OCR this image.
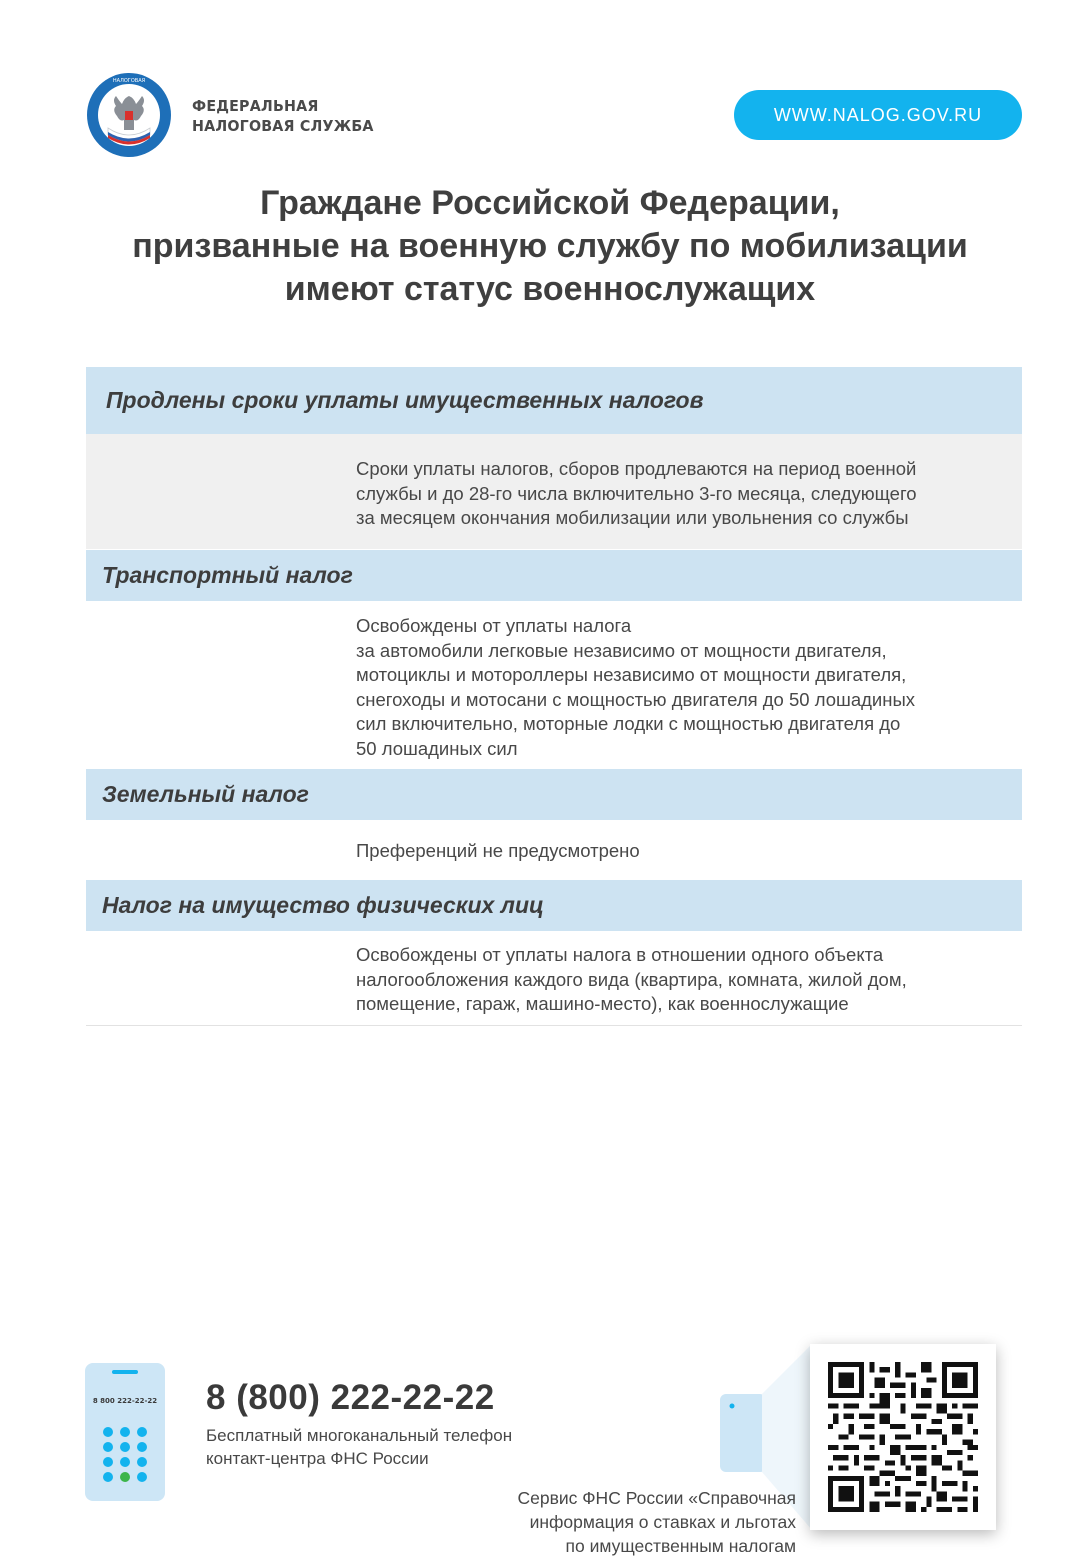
НАЛОГОВАЯ
ФЕДЕРАЛЬНАЯ
НАЛОГОВАЯ СЛУЖБА
WWW.NALOG.GOV.RU
Граждане Российской Федерации,
призванные на военную службу по мобилизации
имеют статус военнослужащих
Продлены сроки уплаты имущественных налогов
Сроки уплаты налогов, сборов продлеваются на период военной
службы и до 28-го числа включительно 3-го месяца, следующего
за месяцем окончания мобилизации или увольнения со службы
Транспортный налог
Освобождены от уплаты налога
за автомобили легковые независимо от мощности двигателя,
мотоциклы и мотороллеры независимо от мощности двигателя,
снегоходы и мотосани с мощностью двигателя до 50 лошадиных
сил включительно, моторные лодки с мощностью двигателя до
50 лошадиных сил
Земельный налог
Преференций не предусмотрено
Налог на имущество физических лиц
Освобождены от уплаты налога в отношении одного объекта
налогообложения каждого вида (квартира, комната, жилой дом,
помещение, гараж, машино-место), как военнослужащие
8 800 222-22-22 8 (800) 222-22-22
Бесплатный многоканальный телефон
контакт-центра ФНС России
Сервис ФНС России «Справочная
информация о ставках и льготах
по имущественным налогам
